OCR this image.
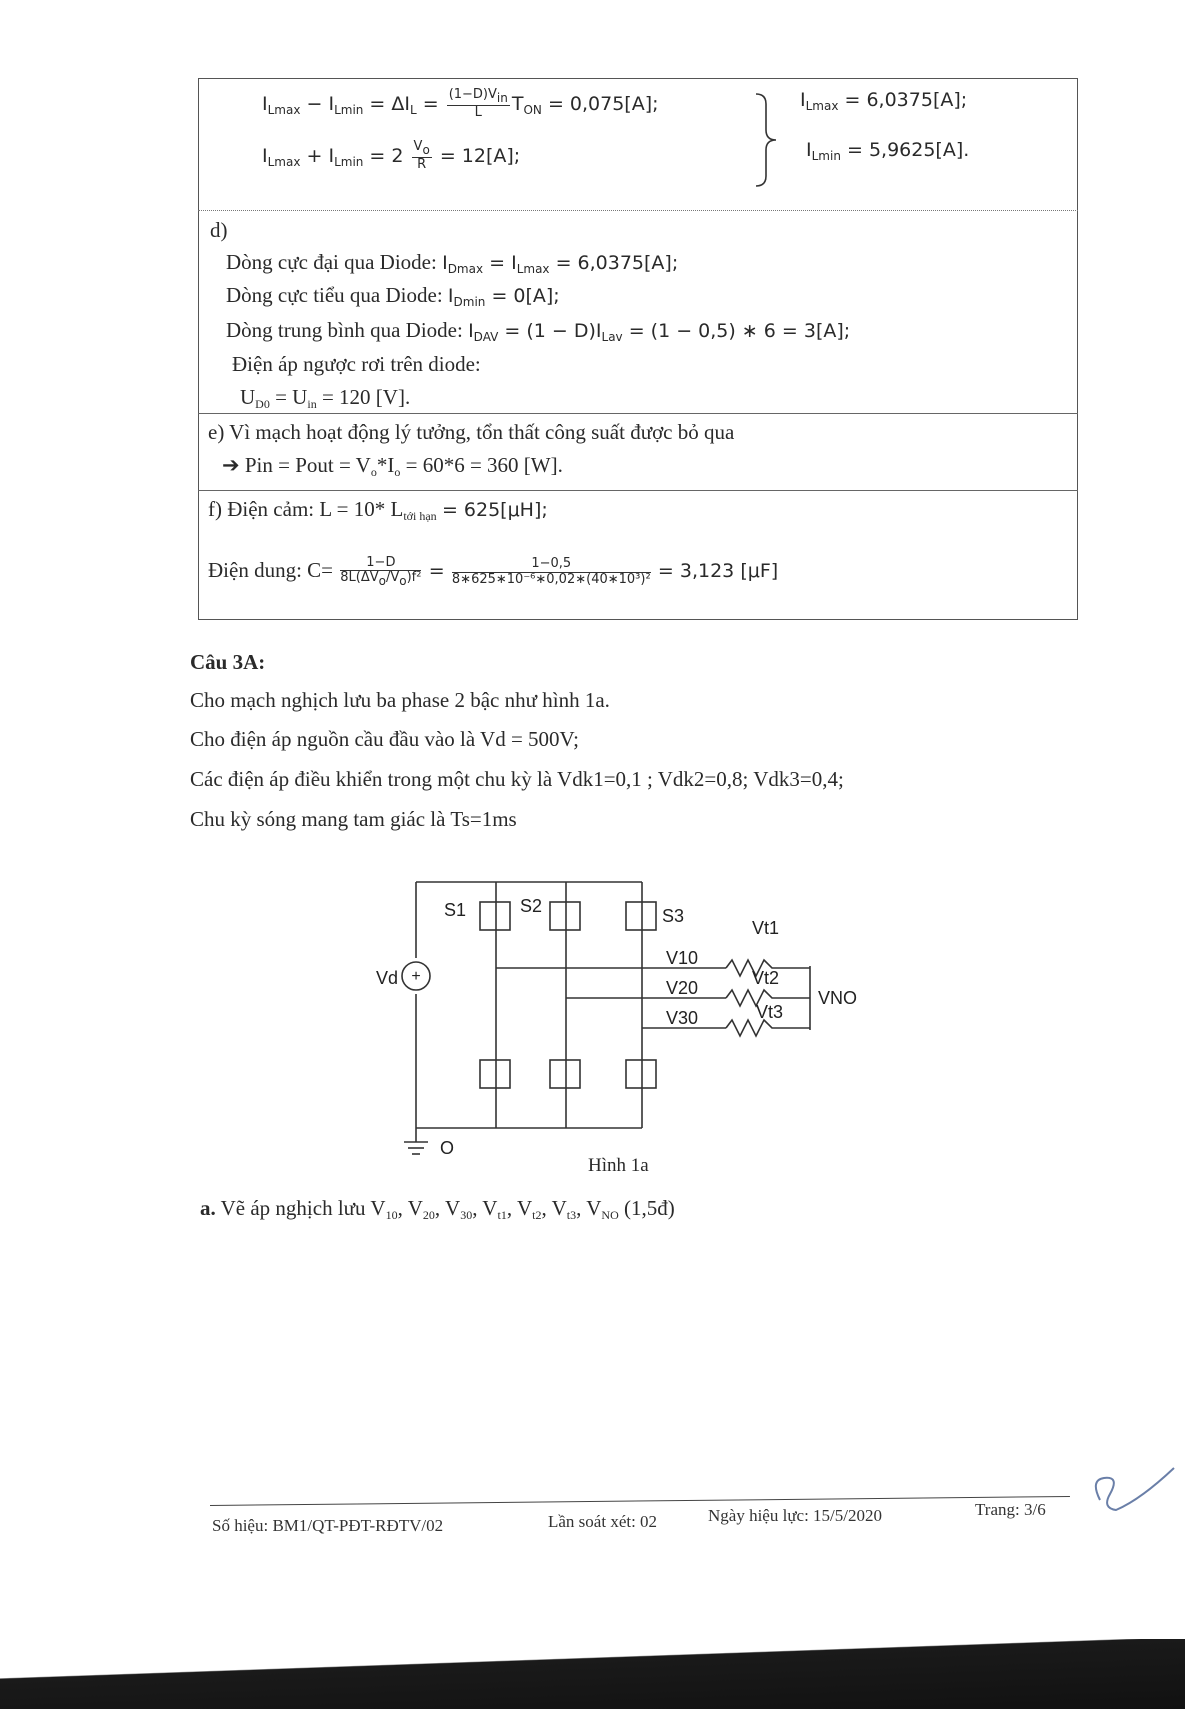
$I_{Lmax} - I_{Lmin} = \Delta I_L = \frac{\text{(1−D)Vin}}{L} T_{ON} = 0,075[A]$;
$I_{Lmax} + I_{Lmin} = 2 \frac{Vo}{R} = 12[A]$;
$I_{Lmax} = 6,0375[A]$;
$I_{Lmin} = 5,9625[A]$.
d)
Dòng cực đại qua Diode: $I_{Dmax} = I_{Lmax} = 6,0375[A]$;
Dòng cực tiểu qua Diode: $I_{Dmin} = 0[A]$;
Dòng trung bình qua Diode: $I_{DAV} = (1 - D)I_{Lav} = (1 - 0,5)$ ∗ 6 = 3[A];
Điện áp ngược rơi trên diode:
$U_{D0} = U_{in} = 120$ [V].
e) Vì mạch hoạt động lý tưởng, tổn thất công suất được bỏ qua
➔ Pin = Pout = $V_o*I_o = 60*6 = 360$ [W].
f) Điện cảm: L = 10* $L_{tới hạn} = 625[\mu H]$;
Điện dung: $C= \frac{1-D}{\text{8L(ΔVo/Vo)f²}} = \frac{1-0,5}{\text{8∗625∗10⁻⁶∗0,02∗(40∗10³)²}} = 3,123$ [μF]
Câu 3A:
Cho mạch nghịch lưu ba phase 2 bậc như hình 1a.
Cho điện áp nguồn cầu đầu vào là Vd = 500V;
Các điện áp điều khiển trong một chu kỳ là Vdk1=0,1 ; Vdk2=0,8; Vdk3=0,4;
Chu kỳ sóng mang tam giác là Ts=1ms
S1	S2	S3
Vd
O
V10
V20
V30
Vt1
Vt2
Vt3
VNO
+
Hình 1a
a. Vẽ áp nghịch lưu $V_{10}$, $V_{20}$, $V_{30}$, $V_{t1}$, $V_{t2}$, $V_{t3}$, $V_{NO}$ (1,5đ)
Số hiệu: BM1/QT-PĐT-RĐTV/02	Lần soát xét: 02	Ngày hiệu lực: 15/5/2020	Trang: 3/6
